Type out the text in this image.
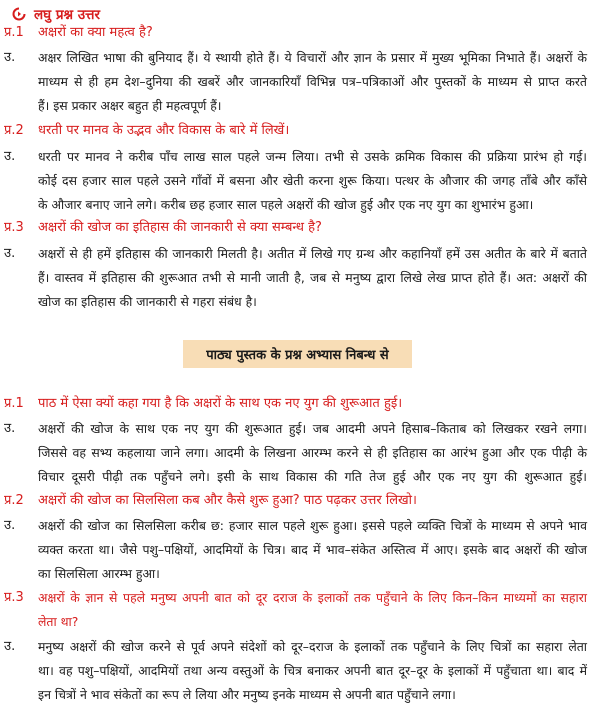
लघु प्रश्न उत्तर
प्र.1 अक्षरों का क्या महत्व है?
उ. अक्षर लिखित भाषा की बुनियाद हैं। ये स्थायी होते हैं। ये विचारों और ज्ञान के प्रसार में मुख्य भूमिका निभाते हैं। अक्षरों के
माध्यम से ही हम देश–दुनिया की खबरें और जानकारियाँ विभिन्न पत्र–पत्रिकाओं और पुस्तकों के माध्यम से प्राप्त करते
हैं। इस प्रकार अक्षर बहुत ही महत्वपूर्ण हैं।
प्र.2 धरती पर मानव के उद्भव और विकास के बारे में लिखें।
उ. धरती पर मानव ने करीब पाँच लाख साल पहले जन्म लिया। तभी से उसके क्रमिक विकास की प्रक्रिया प्रारंभ हो गई।
कोई दस हजार साल पहले उसने गाँवों में बसना और खेती करना शुरू किया। पत्थर के औजार की जगह ताँबे और काँसे
के औजार बनाए जाने लगे। करीब छह हजार साल पहले अक्षरों की खोज हुई और एक नए युग का शुभारंभ हुआ।
प्र.3 अक्षरों की खोज का इतिहास की जानकारी से क्या सम्बन्ध है?
उ. अक्षरों से ही हमें इतिहास की जानकारी मिलती है। अतीत में लिखे गए ग्रन्थ और कहानियाँ हमें उस अतीत के बारे में बताते
हैं। वास्तव में इतिहास की शुरूआत तभी से मानी जाती है, जब से मनुष्य द्वारा लिखे लेख प्राप्त होते हैं। अत: अक्षरों की
खोज का इतिहास की जानकारी से गहरा संबंध है।
पाठ्य पुस्तक के प्रश्न अभ्यास निबन्ध से
प्र.1 पाठ में ऐसा क्यों कहा गया है कि अक्षरों के साथ एक नए युग की शुरूआत हुई।
उ. अक्षरों की खोज के साथ एक नए युग की शुरूआत हुई। जब आदमी अपने हिसाब–किताब को लिखकर रखने लगा।
जिससे वह सभ्य कहलाया जाने लगा। आदमी के लिखना आरम्भ करने से ही इतिहास का आरंभ हुआ और एक पीढ़ी के
विचार दूसरी पीढ़ी तक पहुँचने लगे। इसी के साथ विकास की गति तेज हुई और एक नए युग की शुरूआत हुई।
प्र.2 अक्षरों की खोज का सिलसिला कब और कैसे शुरू हुआ? पाठ पढ़कर उत्तर लिखो।
उ. अक्षरों की खोज का सिलसिला करीब छ: हजार साल पहले शुरू हुआ। इससे पहले व्यक्ति चित्रों के माध्यम से अपने भाव
व्यक्त करता था। जैसे पशु–पक्षियों, आदमियों के चित्र। बाद में भाव–संकेत अस्तित्व में आए। इसके बाद अक्षरों की खोज
का सिलसिला आरम्भ हुआ।
प्र.3 अक्षरों के ज्ञान से पहले मनुष्य अपनी बात को दूर दराज के इलाकों तक पहुँचाने के लिए किन–किन माध्यमों का सहारा
लेता था?
उ. मनुष्य अक्षरों की खोज करने से पूर्व अपने संदेशों को दूर–दराज के इलाकों तक पहुँचाने के लिए चित्रों का सहारा लेता
था। वह पशु–पक्षियों, आदमियों तथा अन्य वस्तुओं के चित्र बनाकर अपनी बात दूर–दूर के इलाकों में पहुँचाता था। बाद में
इन चित्रों ने भाव संकेतों का रूप ले लिया और मनुष्य इनके माध्यम से अपनी बात पहुँचाने लगा।
